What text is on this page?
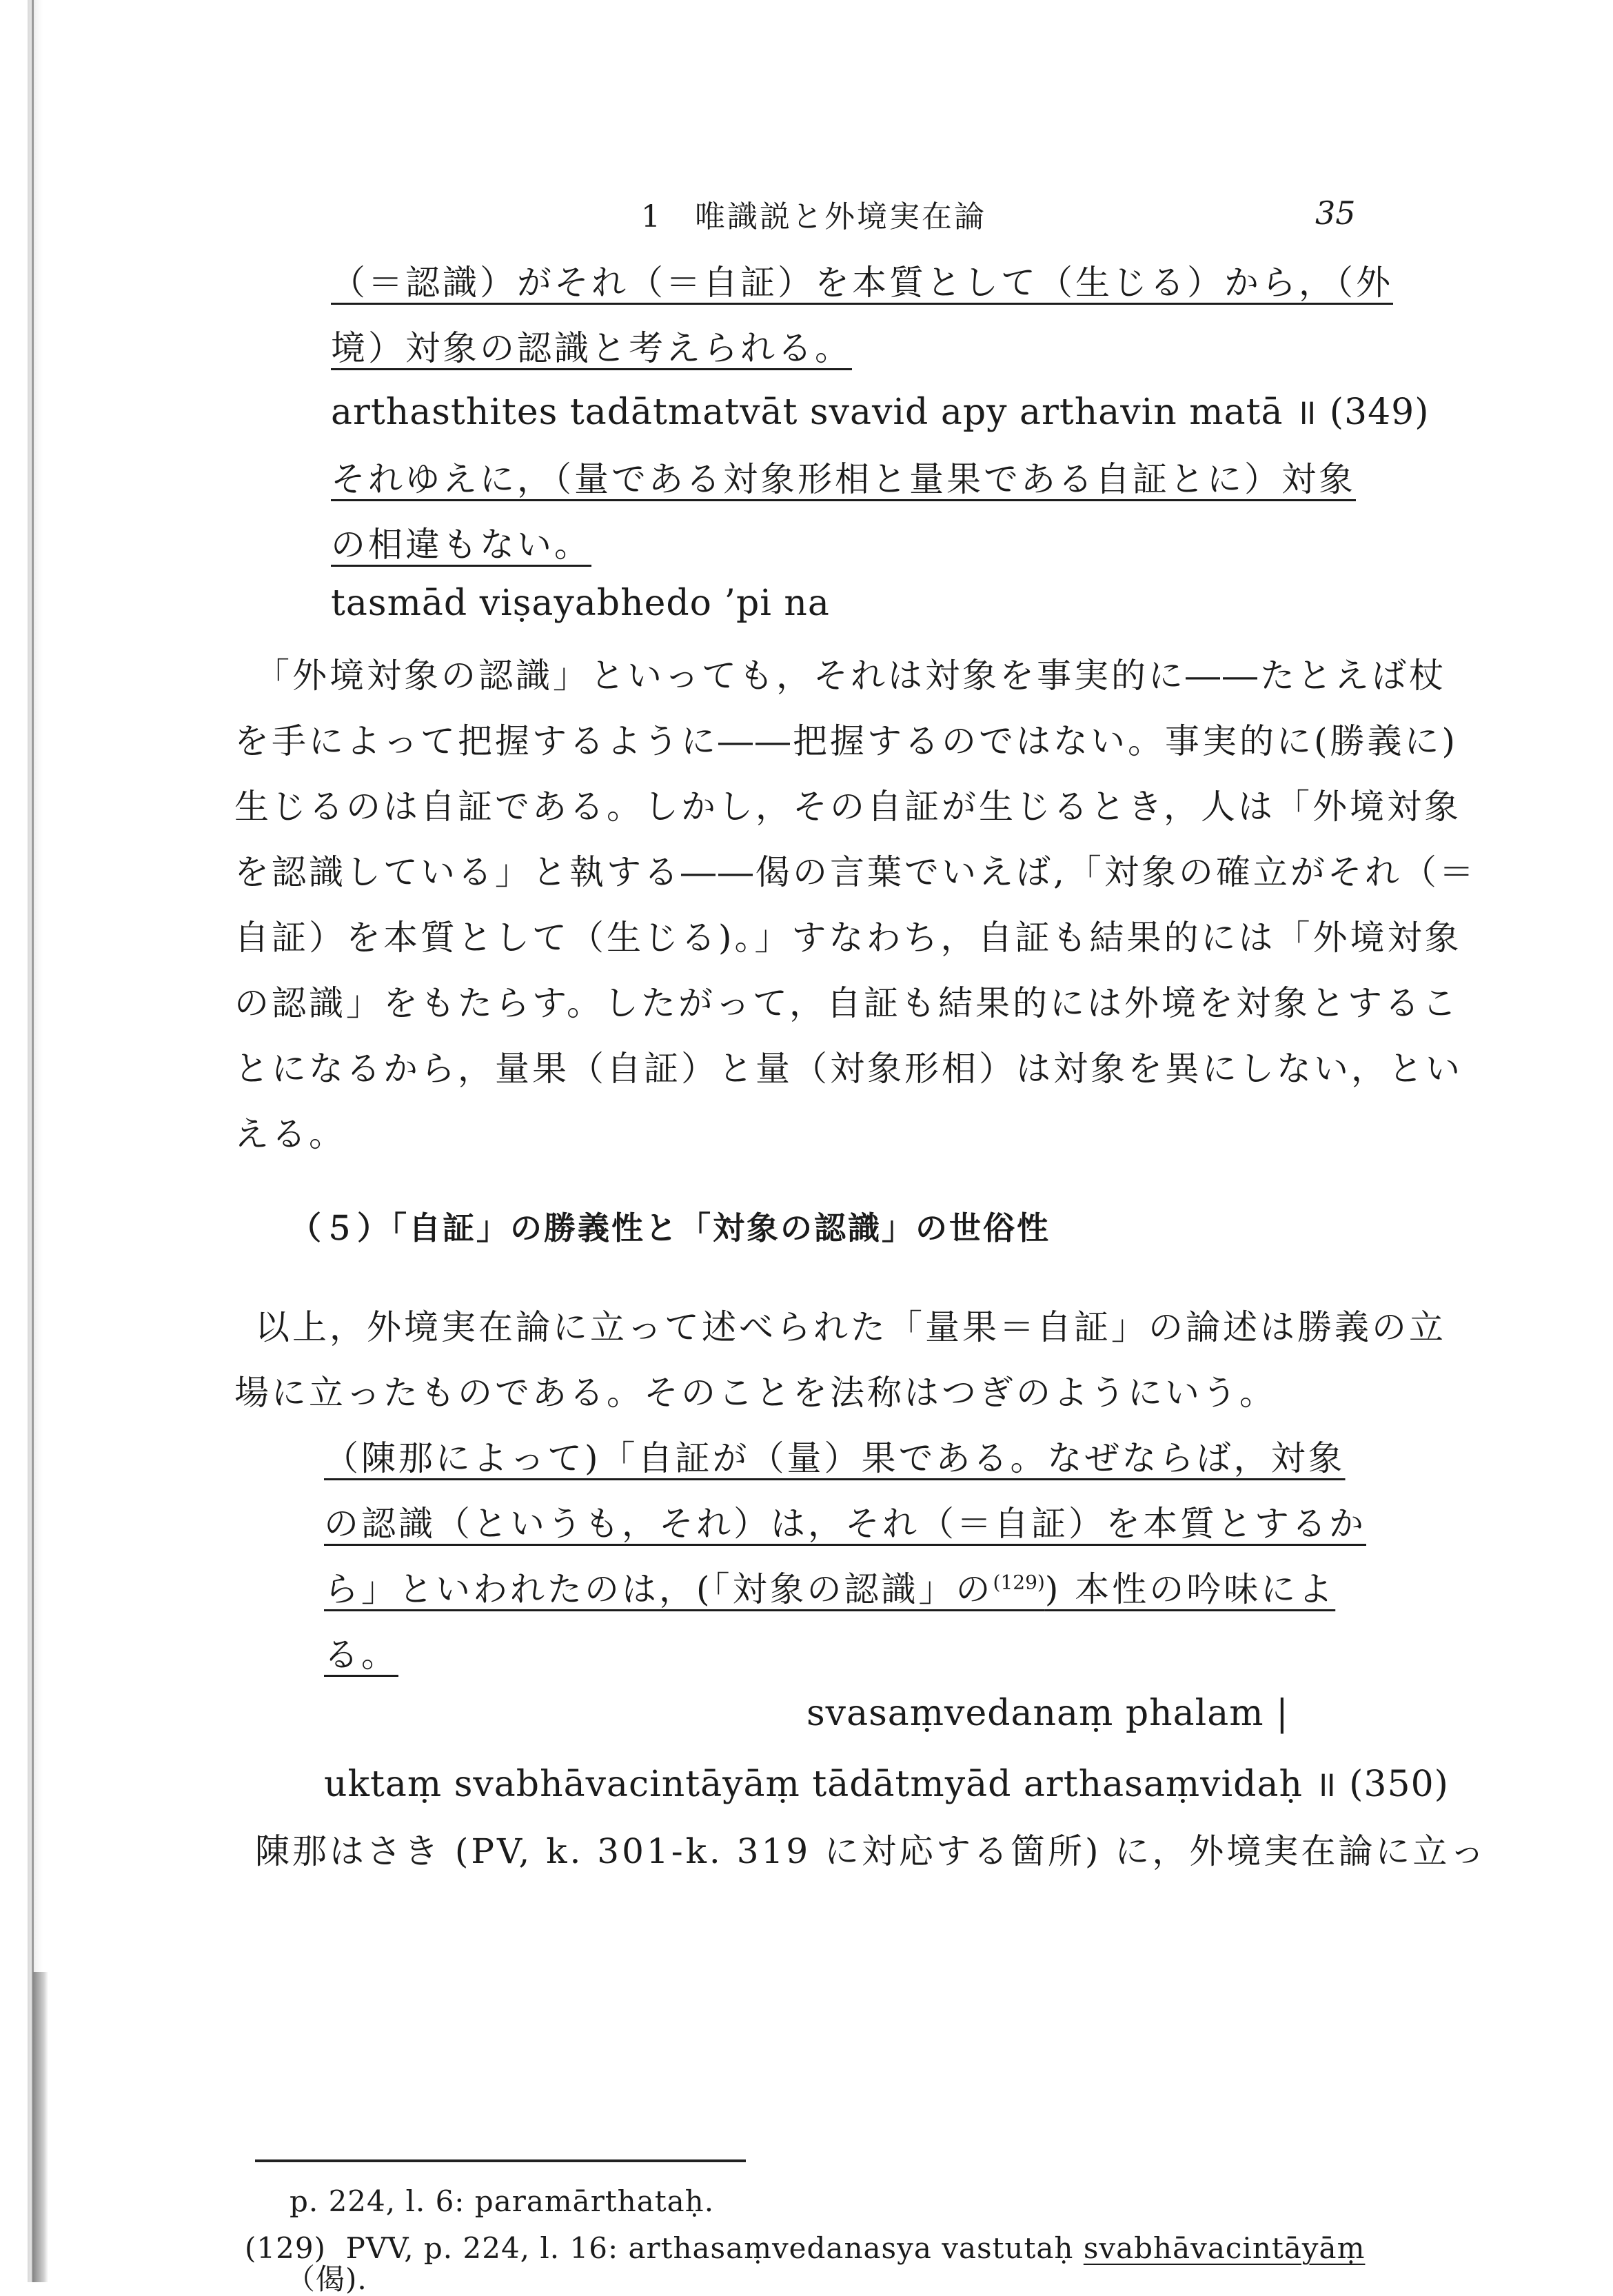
1　唯識説と外境実在論	35
（＝認識）がそれ（＝自証）を本質として（生じる）から，（外
境）対象の認識と考えられる。
arthasthites tadātmatvāt svavid apy arthavin matā ॥ (349)
それゆえに，（量である対象形相と量果である自証とに）対象
の相違もない。
tasmād viṣayabhedo ’pi na
「外境対象の認識」といっても，それは対象を事実的に――たとえば杖
を手によって把握するように――把握するのではない。事実的に(勝義に)
生じるのは自証である。しかし，その自証が生じるとき，人は「外境対象
を認識している」と執する――偈の言葉でいえば,「対象の確立がそれ（＝
自証）を本質として（生じる)。」すなわち，自証も結果的には「外境対象
の認識」をもたらす。したがって，自証も結果的には外境を対象とするこ
とになるから，量果（自証）と量（対象形相）は対象を異にしない，とい
える。
（５）「自証」の勝義性と「対象の認識」の世俗性
以上，外境実在論に立って述べられた「量果＝自証」の論述は勝義の立
場に立ったものである。そのことを法称はつぎのようにいう。
（陳那によって)「自証が（量）果である。なぜならば，対象
の認識（というも，それ）は，それ（＝自証）を本質とするか
ら」といわれたのは，(「対象の認識」の$^{(129)}$) 本性の吟味によ
る。
svasaṃvedanaṃ phalam |
uktaṃ svabhāvacintāyāṃ tādātmyād arthasaṃvidaḥ ॥ (350)
陳那はさき (PV, k. 301-k. 319 に対応する箇所) に，外境実在論に立っ
p. 224, l. 6: paramārthataḥ.
(129) PVV, p. 224, l. 16: arthasaṃvedanasya vastutaḥ svabhāvacintāyāṃ
（偈).
